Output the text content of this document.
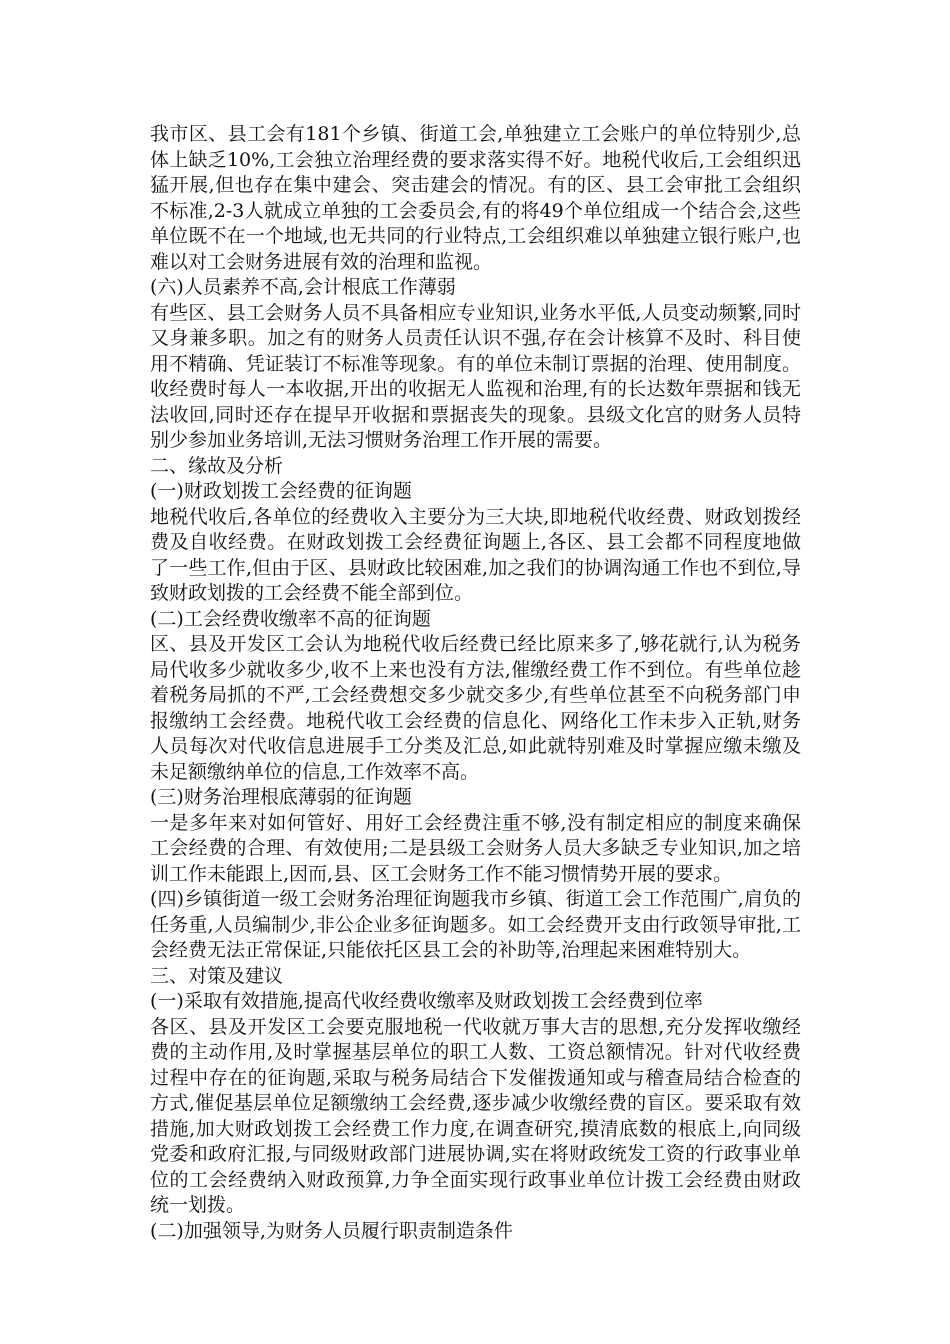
我市区、县工会有181个乡镇、街道工会,单独建立工会账户的单位特别少,总体上缺乏10%,工会独立治理经费的要求落实得不好。地税代收后,工会组织迅猛开展,但也存在集中建会、突击建会的情况。有的区、县工会审批工会组织不标准,2-3人就成立单独的工会委员会,有的将49个单位组成一个结合会,这些单位既不在一个地域,也无共同的行业特点,工会组织难以单独建立银行账户,也难以对工会财务进展有效的治理和监视。

(六)人员素养不高,会计根底工作薄弱

有些区、县工会财务人员不具备相应专业知识,业务水平低,人员变动频繁,同时又身兼多职。加之有的财务人员责任认识不强,存在会计核算不及时、科目使用不精确、凭证装订不标准等现象。有的单位未制订票据的治理、使用制度。收经费时每人一本收据,开出的收据无人监视和治理,有的长达数年票据和钱无法收回,同时还存在提早开收据和票据丧失的现象。县级文化宫的财务人员特别少参加业务培训,无法习惯财务治理工作开展的需要。

二、缘故及分析

(一)财政划拨工会经费的征询题

地税代收后,各单位的经费收入主要分为三大块,即地税代收经费、财政划拨经费及自收经费。在财政划拨工会经费征询题上,各区、县工会都不同程度地做了一些工作,但由于区、县财政比较困难,加之我们的协调沟通工作也不到位,导致财政划拨的工会经费不能全部到位。

(二)工会经费收缴率不高的征询题

区、县及开发区工会认为地税代收后经费已经比原来多了,够花就行,认为税务局代收多少就收多少,收不上来也没有方法,催缴经费工作不到位。有些单位趁着税务局抓的不严,工会经费想交多少就交多少,有些单位甚至不向税务部门申报缴纳工会经费。地税代收工会经费的信息化、网络化工作未步入正轨,财务人员每次对代收信息进展手工分类及汇总,如此就特别难及时掌握应缴未缴及未足额缴纳单位的信息,工作效率不高。

(三)财务治理根底薄弱的征询题

一是多年来对如何管好、用好工会经费注重不够,没有制定相应的制度来确保工会经费的合理、有效使用;二是县级工会财务人员大多缺乏专业知识,加之培训工作未能跟上,因而,县、区工会财务工作不能习惯情势开展的要求。

(四)乡镇街道一级工会财务治理征询题我市乡镇、街道工会工作范围广,肩负的任务重,人员编制少,非公企业多征询题多。如工会经费开支由行政领导审批,工会经费无法正常保证,只能依托区县工会的补助等,治理起来困难特别大。

三、对策及建议

(一)采取有效措施,提高代收经费收缴率及财政划拨工会经费到位率

各区、县及开发区工会要克服地税一代收就万事大吉的思想,充分发挥收缴经费的主动作用,及时掌握基层单位的职工人数、工资总额情况。针对代收经费过程中存在的征询题,采取与税务局结合下发催拨通知或与稽查局结合检查的方式,催促基层单位足额缴纳工会经费,逐步减少收缴经费的盲区。要采取有效措施,加大财政划拨工会经费工作力度,在调查研究,摸清底数的根底上,向同级党委和政府汇报,与同级财政部门进展协调,实在将财政统发工资的行政事业单位的工会经费纳入财政预算,力争全面实现行政事业单位计拨工会经费由财政统一划拨。

(二)加强领导,为财务人员履行职责制造条件
